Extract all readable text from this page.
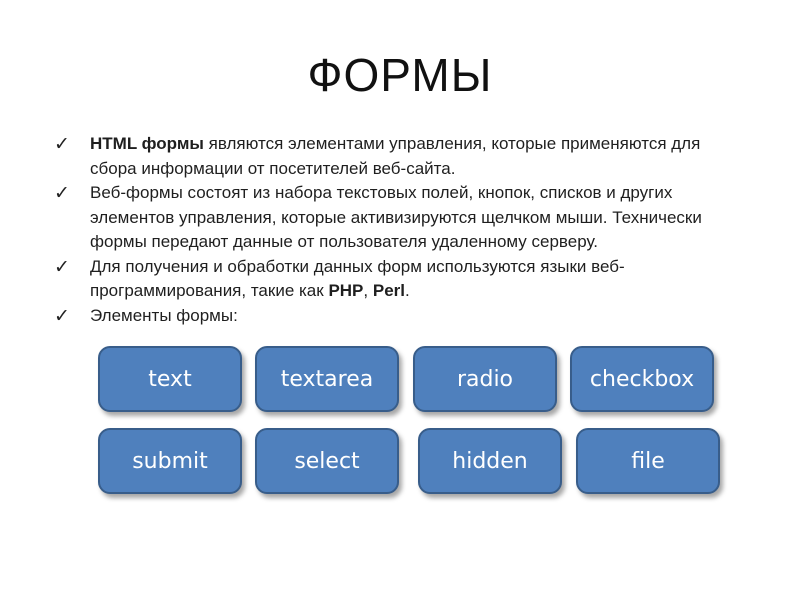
ФОРМЫ
✓ HTML формы являются элементами управления, которые применяются для сбора информации от посетителей веб-сайта.
✓ Веб-формы состоят из набора текстовых полей, кнопок, списков и других элементов управления, которые активизируются щелчком мыши. Технически формы передают данные от пользователя удаленному серверу.
✓ Для получения и обработки данных форм используются языки веб-программирования, такие как PHP, Perl.
✓ Элементы формы:
text	textarea	radio	checkbox
submit	select	hidden	file
